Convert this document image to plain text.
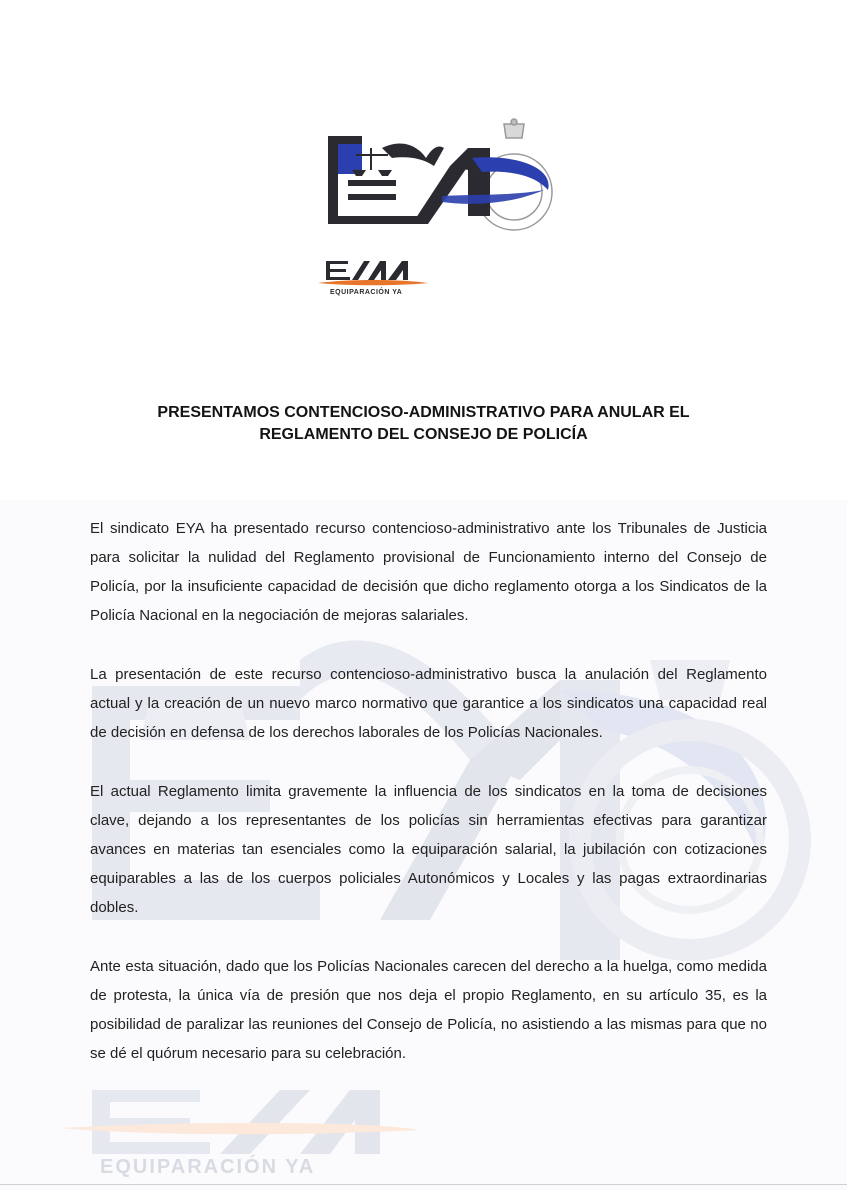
EQUIPARACIÓN YA
PRESENTAMOS CONTENCIOSO-ADMINISTRATIVO PARA ANULAR EL
REGLAMENTO DEL CONSEJO DE POLICÍA

El sindicato EYA ha presentado recurso contencioso-administrativo ante los Tribunales de Justicia para solicitar la nulidad del Reglamento provisional de Funcionamiento interno del Consejo de Policía, por la insuficiente capacidad de decisión que dicho reglamento otorga a los Sindicatos de la Policía Nacional en la negociación de mejoras salariales.

La presentación de este recurso contencioso-administrativo busca la anulación del Reglamento actual y la creación de un nuevo marco normativo que garantice a los sindicatos una capacidad real de decisión en defensa de los derechos laborales de los Policías Nacionales.

El actual Reglamento limita gravemente la influencia de los sindicatos en la toma de decisiones clave, dejando a los representantes de los policías sin herramientas efectivas para garantizar avances en materias tan esenciales como la equiparación salarial, la jubilación con cotizaciones equiparables a las de los cuerpos policiales Autonómicos y Locales y las pagas extraordinarias dobles.

Ante esta situación, dado que los Policías Nacionales carecen del derecho a la huelga, como medida de protesta, la única vía de presión que nos deja el propio Reglamento, en su artículo 35, es la posibilidad de paralizar las reuniones del Consejo de Policía, no asistiendo a las mismas para que no se dé el quórum necesario para su celebración.

EQUIPARACIÓN YA
